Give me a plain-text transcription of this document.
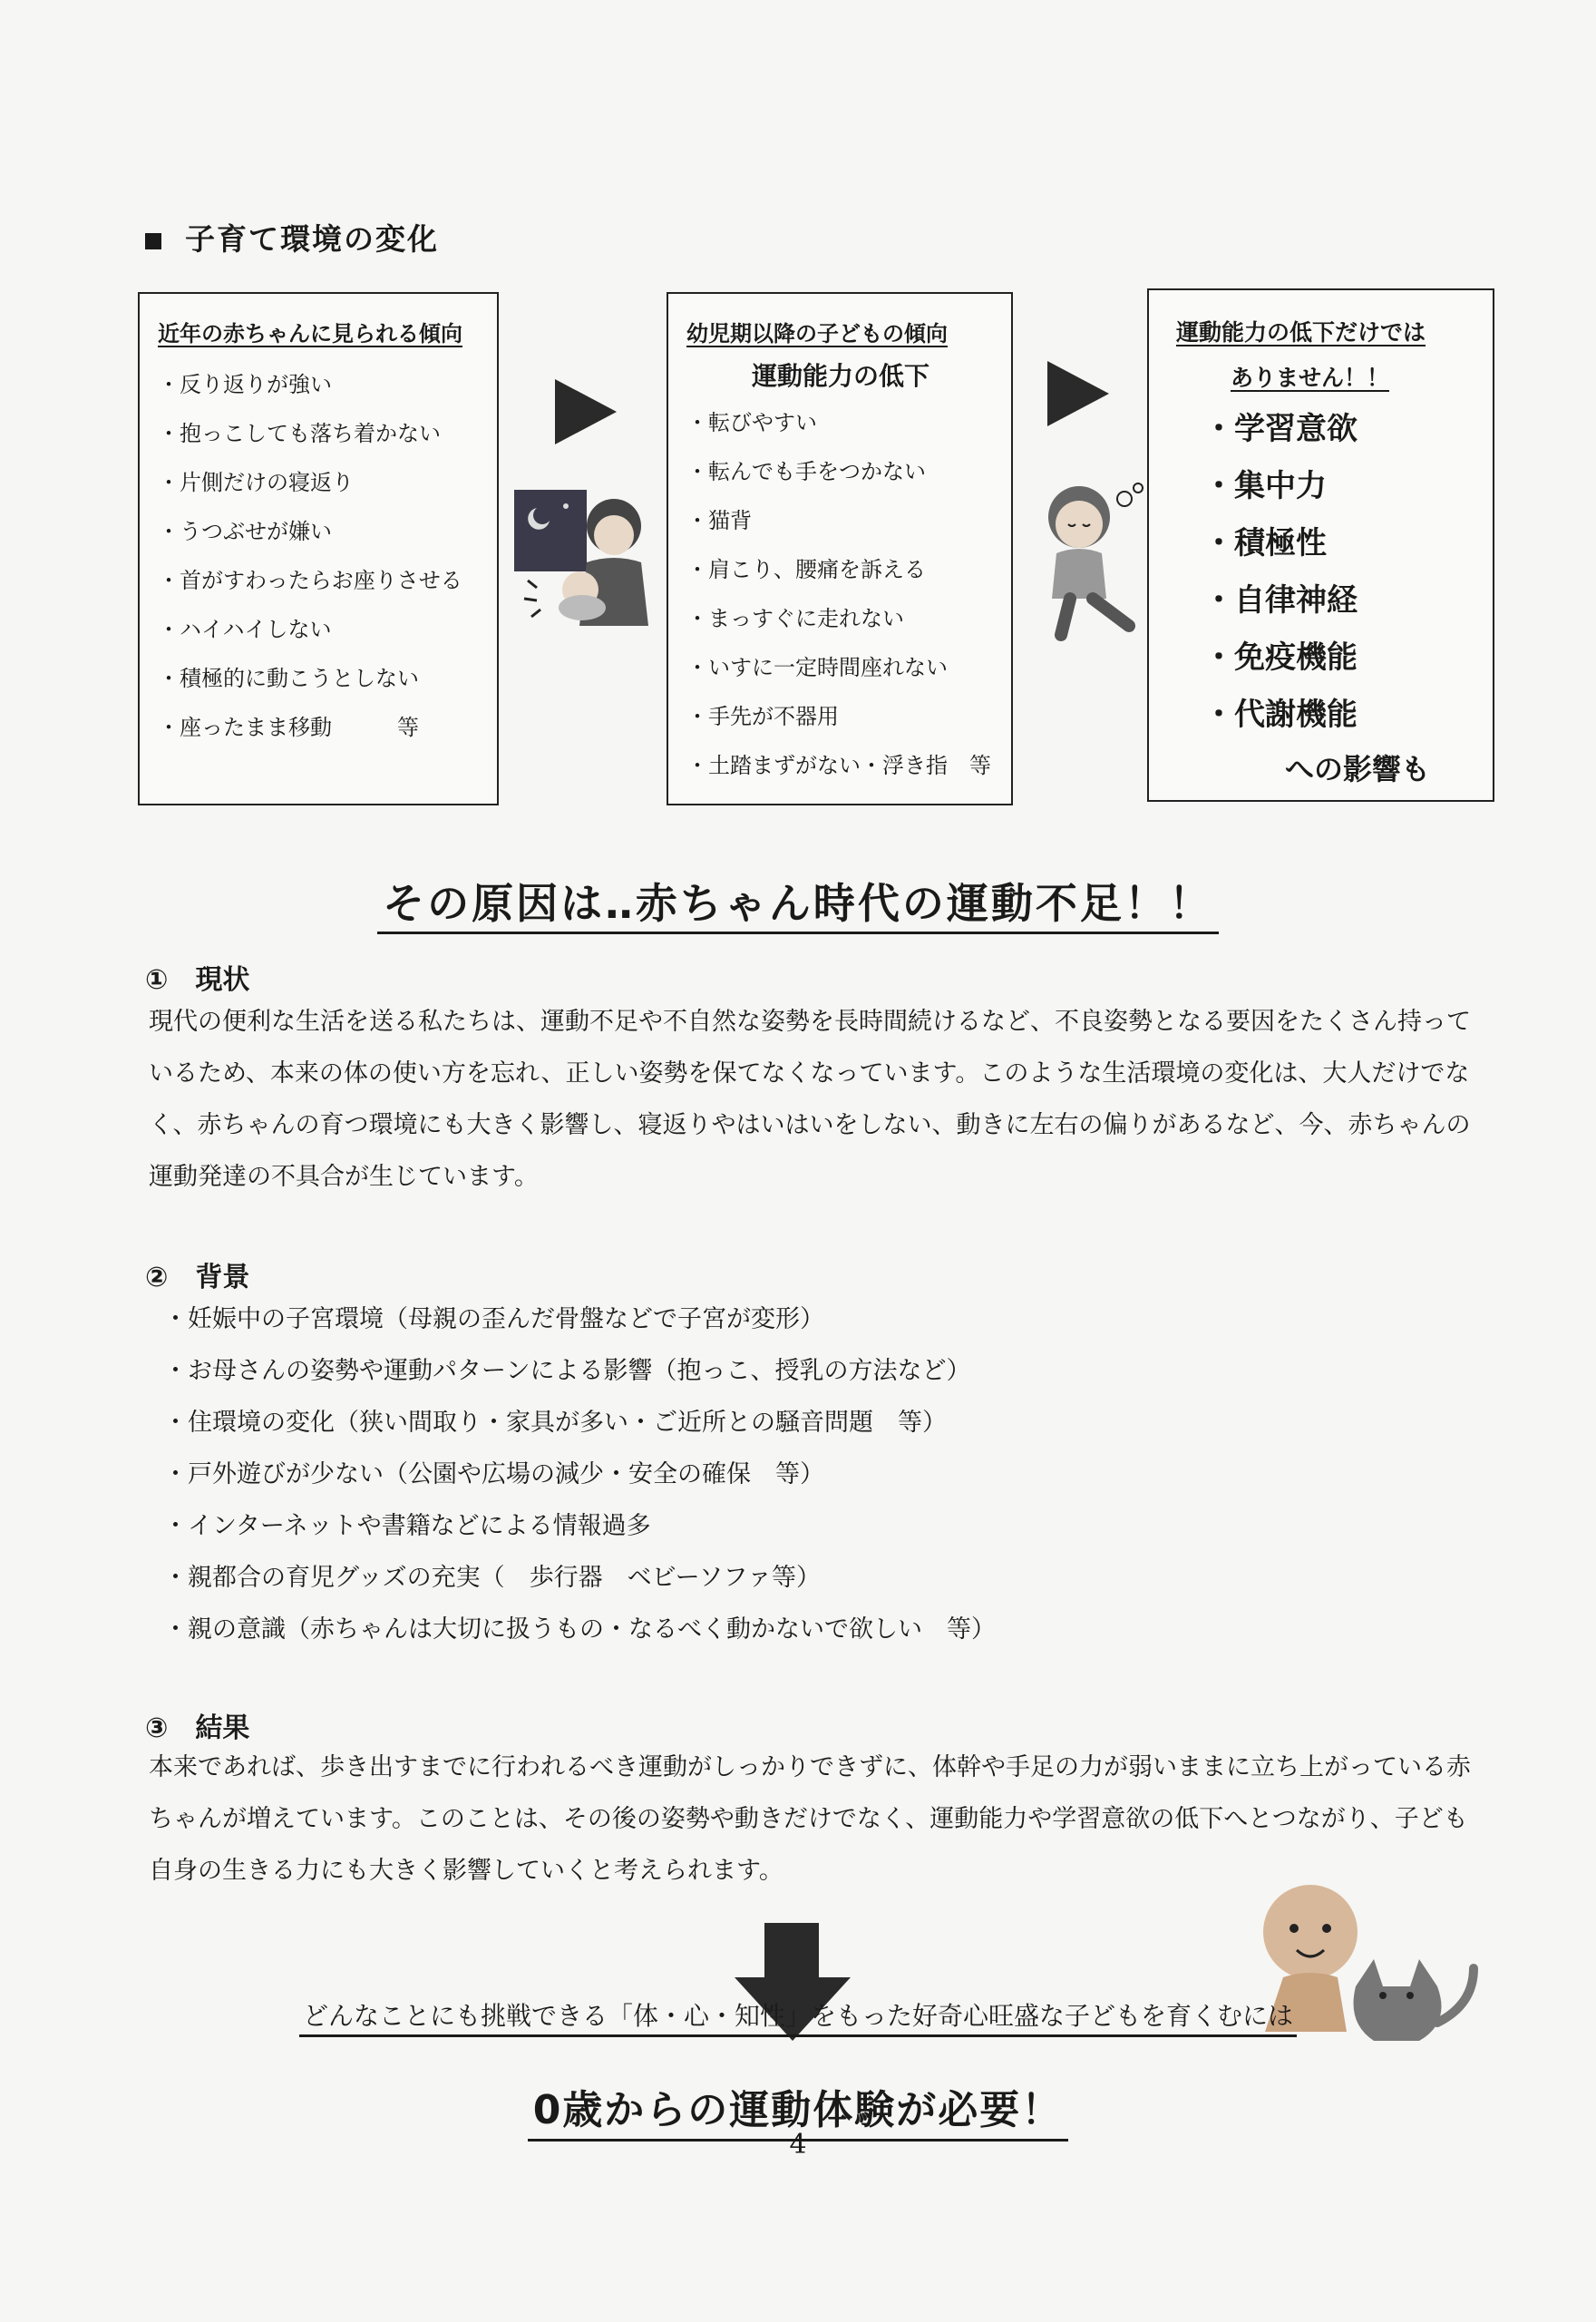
子育て環境の変化
近年の赤ちゃんに見られる傾向
・反り返りが強い
・抱っこしても落ち着かない
・片側だけの寝返り
・うつぶせが嫌い
・首がすわったらお座りさせる
・ハイハイしない
・積極的に動こうとしない
・座ったまま移動　　　等
幼児期以降の子どもの傾向
運動能力の低下
・転びやすい
・転んでも手をつかない
・猫背
・肩こり、腰痛を訴える
・まっすぐに走れない
・いすに一定時間座れない
・手先が不器用
・土踏まずがない・浮き指　等
運動能力の低下だけでは
ありません！！
・学習意欲
・集中力
・積極性
・自律神経
・免疫機能
・代謝機能
への影響も
その原因は‥赤ちゃん時代の運動不足！！
①　現状
現代の便利な生活を送る私たちは、運動不足や不自然な姿勢を長時間続けるなど、不良姿勢となる要因をたくさん持っているため、本来の体の使い方を忘れ、正しい姿勢を保てなくなっています。このような生活環境の変化は、大人だけでなく、赤ちゃんの育つ環境にも大きく影響し、寝返りやはいはいをしない、動きに左右の偏りがあるなど、今、赤ちゃんの運動発達の不具合が生じています。
②　背景
・妊娠中の子宮環境（母親の歪んだ骨盤などで子宮が変形）
・お母さんの姿勢や運動パターンによる影響（抱っこ、授乳の方法など）
・住環境の変化（狭い間取り・家具が多い・ご近所との騒音問題　等）
・戸外遊びが少ない（公園や広場の減少・安全の確保　等）
・インターネットや書籍などによる情報過多
・親都合の育児グッズの充実（　歩行器　ベビーソファ等）
・親の意識（赤ちゃんは大切に扱うもの・なるべく動かないで欲しい　等）
③　結果
本来であれば、歩き出すまでに行われるべき運動がしっかりできずに、体幹や手足の力が弱いままに立ち上がっている赤ちゃんが増えています。このことは、その後の姿勢や動きだけでなく、運動能力や学習意欲の低下へとつながり、子ども自身の生きる力にも大きく影響していくと考えられます。
どんなことにも挑戦できる「体・心・知性」をもった好奇心旺盛な子どもを育くむには
0歳からの運動体験が必要！
4
